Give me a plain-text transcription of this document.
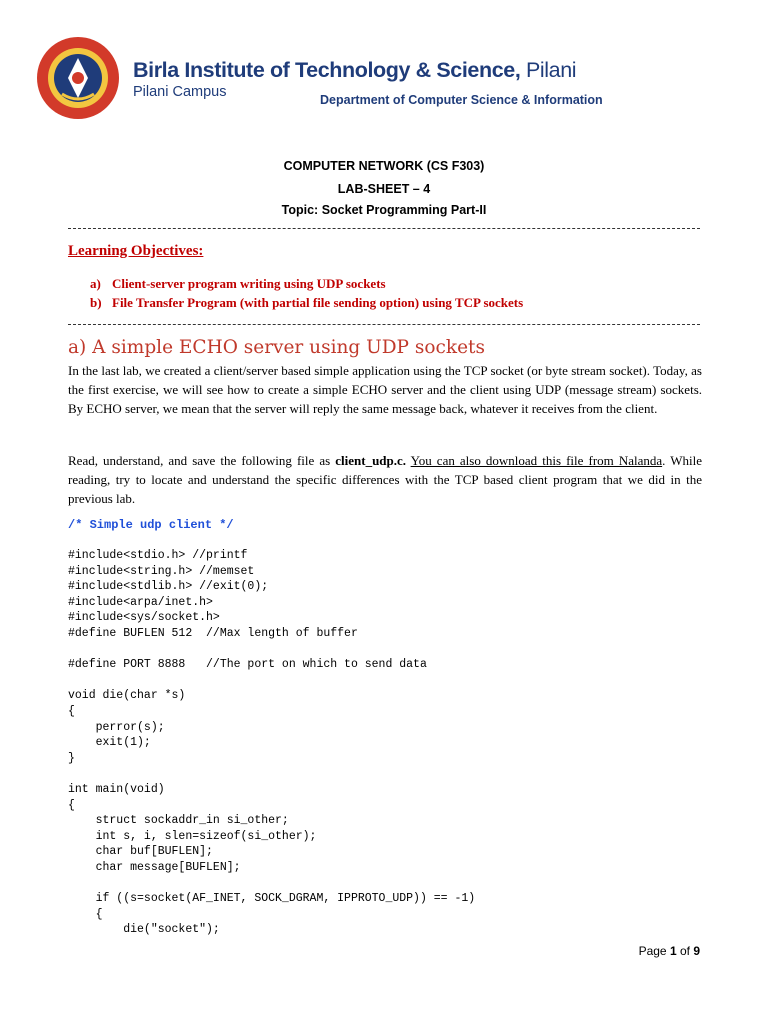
Birla Institute of Technology & Science, Pilani
Pilani Campus	Department of Computer Science & Information
COMPUTER NETWORK (CS F303)
LAB-SHEET – 4
Topic: Socket Programming Part-II
Learning Objectives:
a) Client-server program writing using UDP sockets
b) File Transfer Program (with partial file sending option) using TCP sockets
a) A simple ECHO server using UDP sockets
In the last lab, we created a client/server based simple application using the TCP socket (or byte stream socket). Today, as the first exercise, we will see how to create a simple ECHO server and the client using UDP (message stream) sockets. By ECHO server, we mean that the server will reply the same message back, whatever it receives from the client.
Read, understand, and save the following file as client_udp.c. You can also download this file from Nalanda. While reading, try to locate and understand the specific differences with the TCP based client program that we did in the previous lab.
/* Simple udp client */
#include<stdio.h> //printf
#include<string.h> //memset
#include<stdlib.h> //exit(0);
#include<arpa/inet.h>
#include<sys/socket.h>
#define BUFLEN 512  //Max length of buffer

#define PORT 8888   //The port on which to send data

void die(char *s)
{
perror(s);
exit(1);
}

int main(void)
{
struct sockaddr_in si_other;
int s, i, slen=sizeof(si_other);
char buf[BUFLEN];
char message[BUFLEN];

if ((s=socket(AF_INET, SOCK_DGRAM, IPPROTO_UDP)) == -1)
{
die("socket");
Page 1 of 9
